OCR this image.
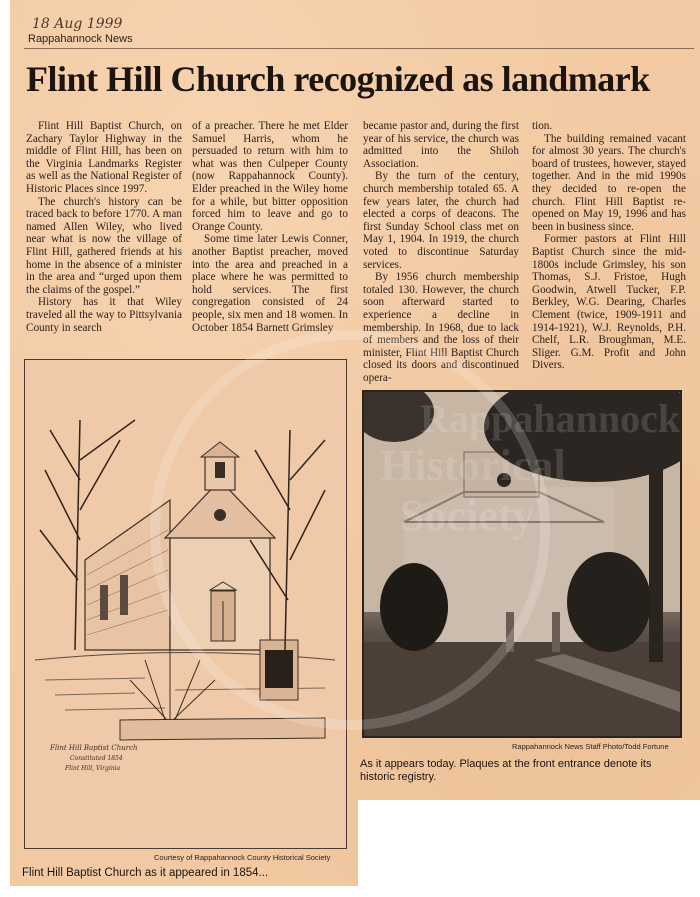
18 Aug 1999
Rappahannock News
Flint Hill Church recognized as landmark

Flint Hill Baptist Church, on Zachary Taylor Highway in the middle of Flint Hill, has been on the Virginia Landmarks Register as well as the National Register of Historic Places since 1997.

The church's history can be traced back to before 1770. A man named Allen Wiley, who lived near what is now the village of Flint Hill, gathered friends at his home in the absence of a minister in the area and “urged upon them the claims of the gospel.”

History has it that Wiley traveled all the way to Pittsylvania County in search

of a preacher. There he met Elder Samuel Harris, whom he persuaded to return with him to what was then Culpeper County (now Rappahannock County). Elder preached in the Wiley home for a while, but bitter opposition forced him to leave and go to Orange County.

Some time later Lewis Conner, another Baptist preacher, moved into the area and preached in a place where he was permitted to hold services. The first congregation consisted of 24 people, six men and 18 women. In October 1854 Barnett Grimsley

became pastor and, during the first year of his service, the church was admitted into the Shiloh Association.

By the turn of the century, church membership totaled 65. A few years later, the church had elected a corps of deacons. The first Sunday School class met on May 1, 1904. In 1919, the church voted to discontinue Saturday services.

By 1956 church membership totaled 130. However, the church soon afterward started to experience a decline in membership. In 1968, due to lack of members and the loss of their minister, Flint Hill Baptist Church closed its doors and discontinued opera-

tion.

The building remained vacant for almost 30 years. The church's board of trustees, however, stayed together. And in the mid 1990s they decided to re-open the church. Flint Hill Baptist re-opened on May 19, 1996 and has been in business since.

Former pastors at Flint Hill Baptist Church since the mid-1800s include Grimsley, his son Thomas, S.J. Fristoe, Hugh Goodwin, Atwell Tucker, F.P. Berkley, W.G. Dearing, Charles Clement (twice, 1909-1911 and 1914-1921), W.J. Reynolds, P.H. Chelf, L.R. Broughman, M.E. Sliger. G.M. Profit and John Divers.

Flint Hill Baptist Church
Constituted 1854
Flint Hill, Virginia
Courtesy of Rappahannock County Historical Society
Flint Hill Baptist Church as it appeared in 1854...
Rappahannock News Staff Photo/Todd Fortune
As it appears today. Plaques at the front entrance denote its historic registry.
